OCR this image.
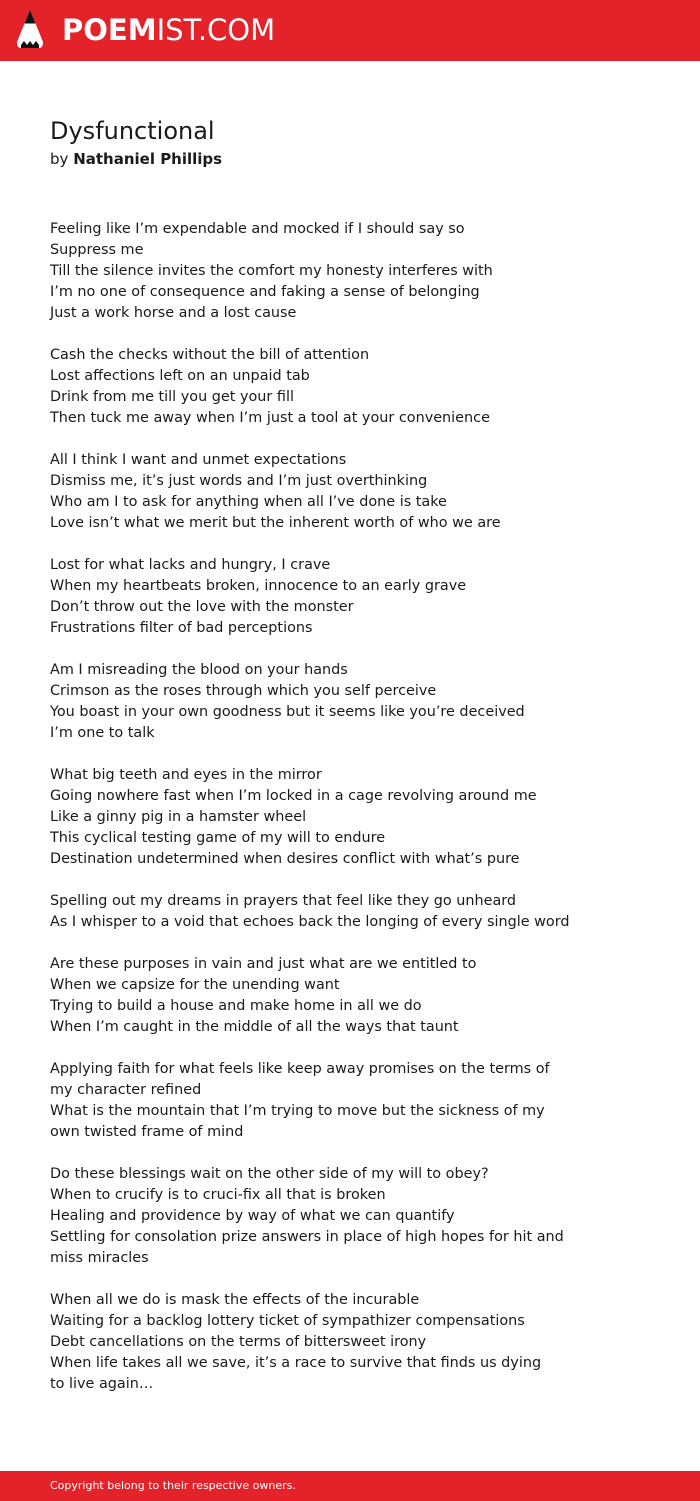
POEMIST.COM
Dysfunctional
by Nathaniel Phillips
Feeling like I’m expendable and mocked if I should say so
Suppress me
Till the silence invites the comfort my honesty interferes with
I’m no one of consequence and faking a sense of belonging
Just a work horse and a lost cause
Cash the checks without the bill of attention
Lost affections left on an unpaid tab
Drink from me till you get your fill
Then tuck me away when I’m just a tool at your convenience
All I think I want and unmet expectations
Dismiss me, it’s just words and I’m just overthinking
Who am I to ask for anything when all I’ve done is take
Love isn’t what we merit but the inherent worth of who we are
Lost for what lacks and hungry, I crave
When my heartbeats broken, innocence to an early grave
Don’t throw out the love with the monster
Frustrations filter of bad perceptions
Am I misreading the blood on your hands
Crimson as the roses through which you self perceive
You boast in your own goodness but it seems like you’re deceived
I’m one to talk
What big teeth and eyes in the mirror
Going nowhere fast when I’m locked in a cage revolving around me
Like a ginny pig in a hamster wheel
This cyclical testing game of my will to endure
Destination undetermined when desires conflict with what’s pure
Spelling out my dreams in prayers that feel like they go unheard
As I whisper to a void that echoes back the longing of every single word
Are these purposes in vain and just what are we entitled to
When we capsize for the unending want
Trying to build a house and make home in all we do
When I’m caught in the middle of all the ways that taunt
Applying faith for what feels like keep away promises on the terms of my character refined
What is the mountain that I’m trying to move but the sickness of my own twisted frame of mind
Do these blessings wait on the other side of my will to obey?
When to crucify is to cruci-fix all that is broken
Healing and providence by way of what we can quantify
Settling for consolation prize answers in place of high hopes for hit and miss miracles
When all we do is mask the effects of the incurable
Waiting for a backlog lottery ticket of sympathizer compensations
Debt cancellations on the terms of bittersweet irony
When life takes all we save, it’s a race to survive that finds us dying
to live again…
Copyright belong to their respective owners.
